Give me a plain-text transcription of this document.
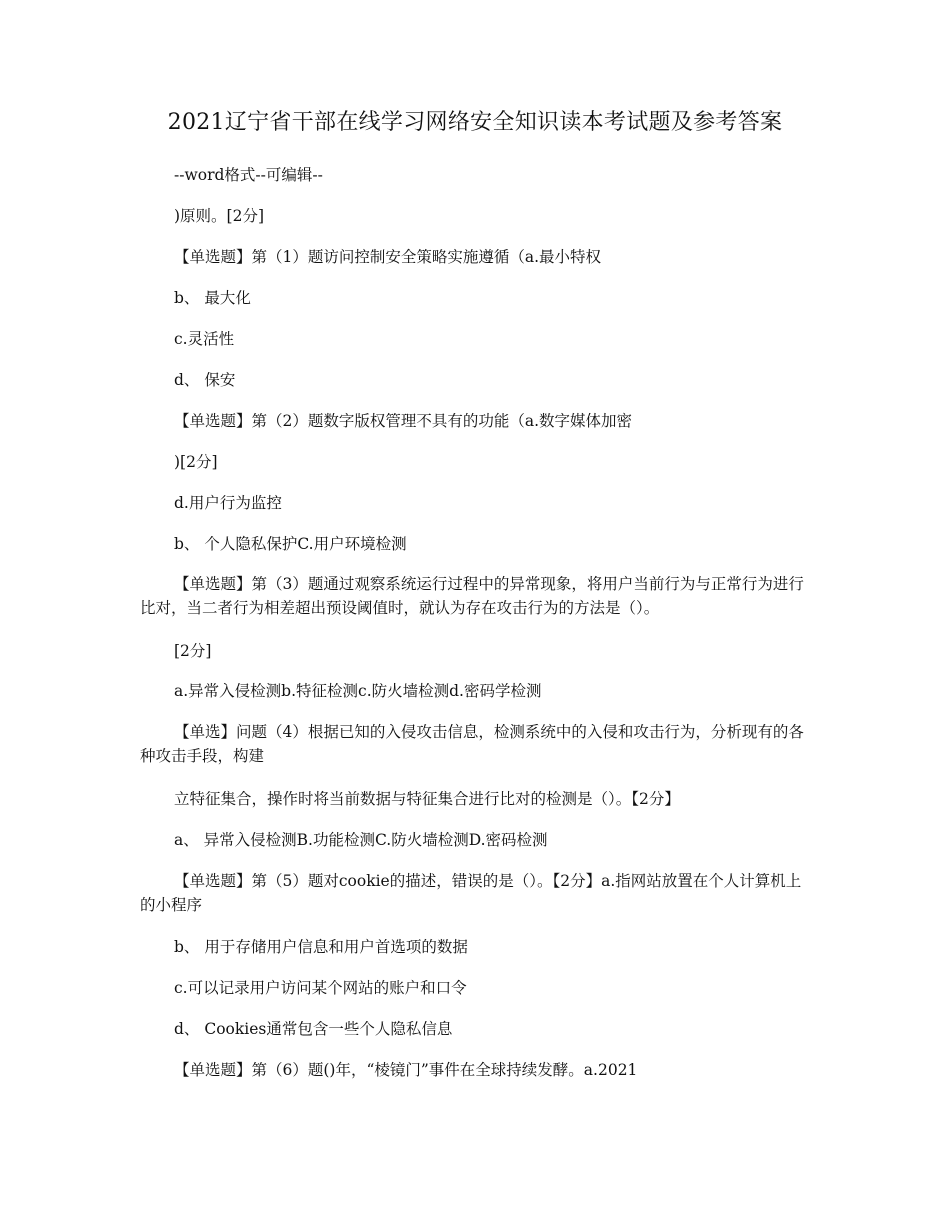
2021辽宁省干部在线学习网络安全知识读本考试题及参考答案
--word格式--可编辑--
)原则。[2分]
【单选题】第（1）题访问控制安全策略实施遵循（a.最小特权
b、 最大化
c.灵活性
d、 保安
【单选题】第（2）题数字版权管理不具有的功能（a.数字媒体加密
)[2分]
d.用户行为监控
b、 个人隐私保护C.用户环境检测
【单选题】第（3）题通过观察系统运行过程中的异常现象，将用户当前行为与正常行为进行比对，当二者行为相差超出预设阈值时，就认为存在攻击行为的方法是（）。
[2分]
a.异常入侵检测b.特征检测c.防火墙检测d.密码学检测
【单选】问题（4）根据已知的入侵攻击信息，检测系统中的入侵和攻击行为，分析现有的各种攻击手段，构建
立特征集合，操作时将当前数据与特征集合进行比对的检测是（）。【2分】
a、 异常入侵检测B.功能检测C.防火墙检测D.密码检测
【单选题】第（5）题对cookie的描述，错误的是（）。【2分】a.指网站放置在个人计算机上的小程序
b、 用于存储用户信息和用户首选项的数据
c.可以记录用户访问某个网站的账户和口令
d、 Cookies通常包含一些个人隐私信息
【单选题】第（6）题()年，“棱镜门”事件在全球持续发酵。a.2021
